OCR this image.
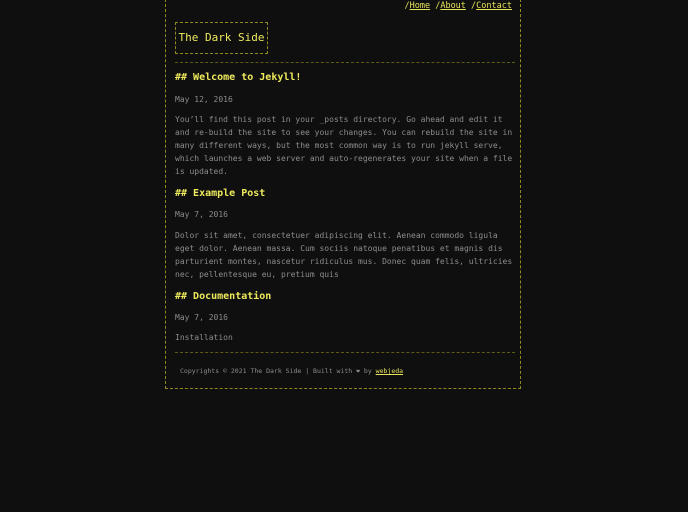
/Home /About /Contact
The Dark Side
## Welcome to Jekyll!
May 12, 2016
You’ll find this post in your _posts directory. Go ahead and edit it and re-build the site to see your changes. You can rebuild the site in many different ways, but the most common way is to run jekyll serve, which launches a web server and auto-regenerates your site when a file is updated.
## Example Post
May 7, 2016
Dolor sit amet, consectetuer adipiscing elit. Aenean commodo ligula eget dolor. Aenean massa. Cum sociis natoque penatibus et magnis dis parturient montes, nascetur ridiculus mus. Donec quam felis, ultricies nec, pellentesque eu, pretium quis
## Documentation
May 7, 2016
Installation
Copyrights © 2021 The Dark Side | Built with ❤ by webjeda
